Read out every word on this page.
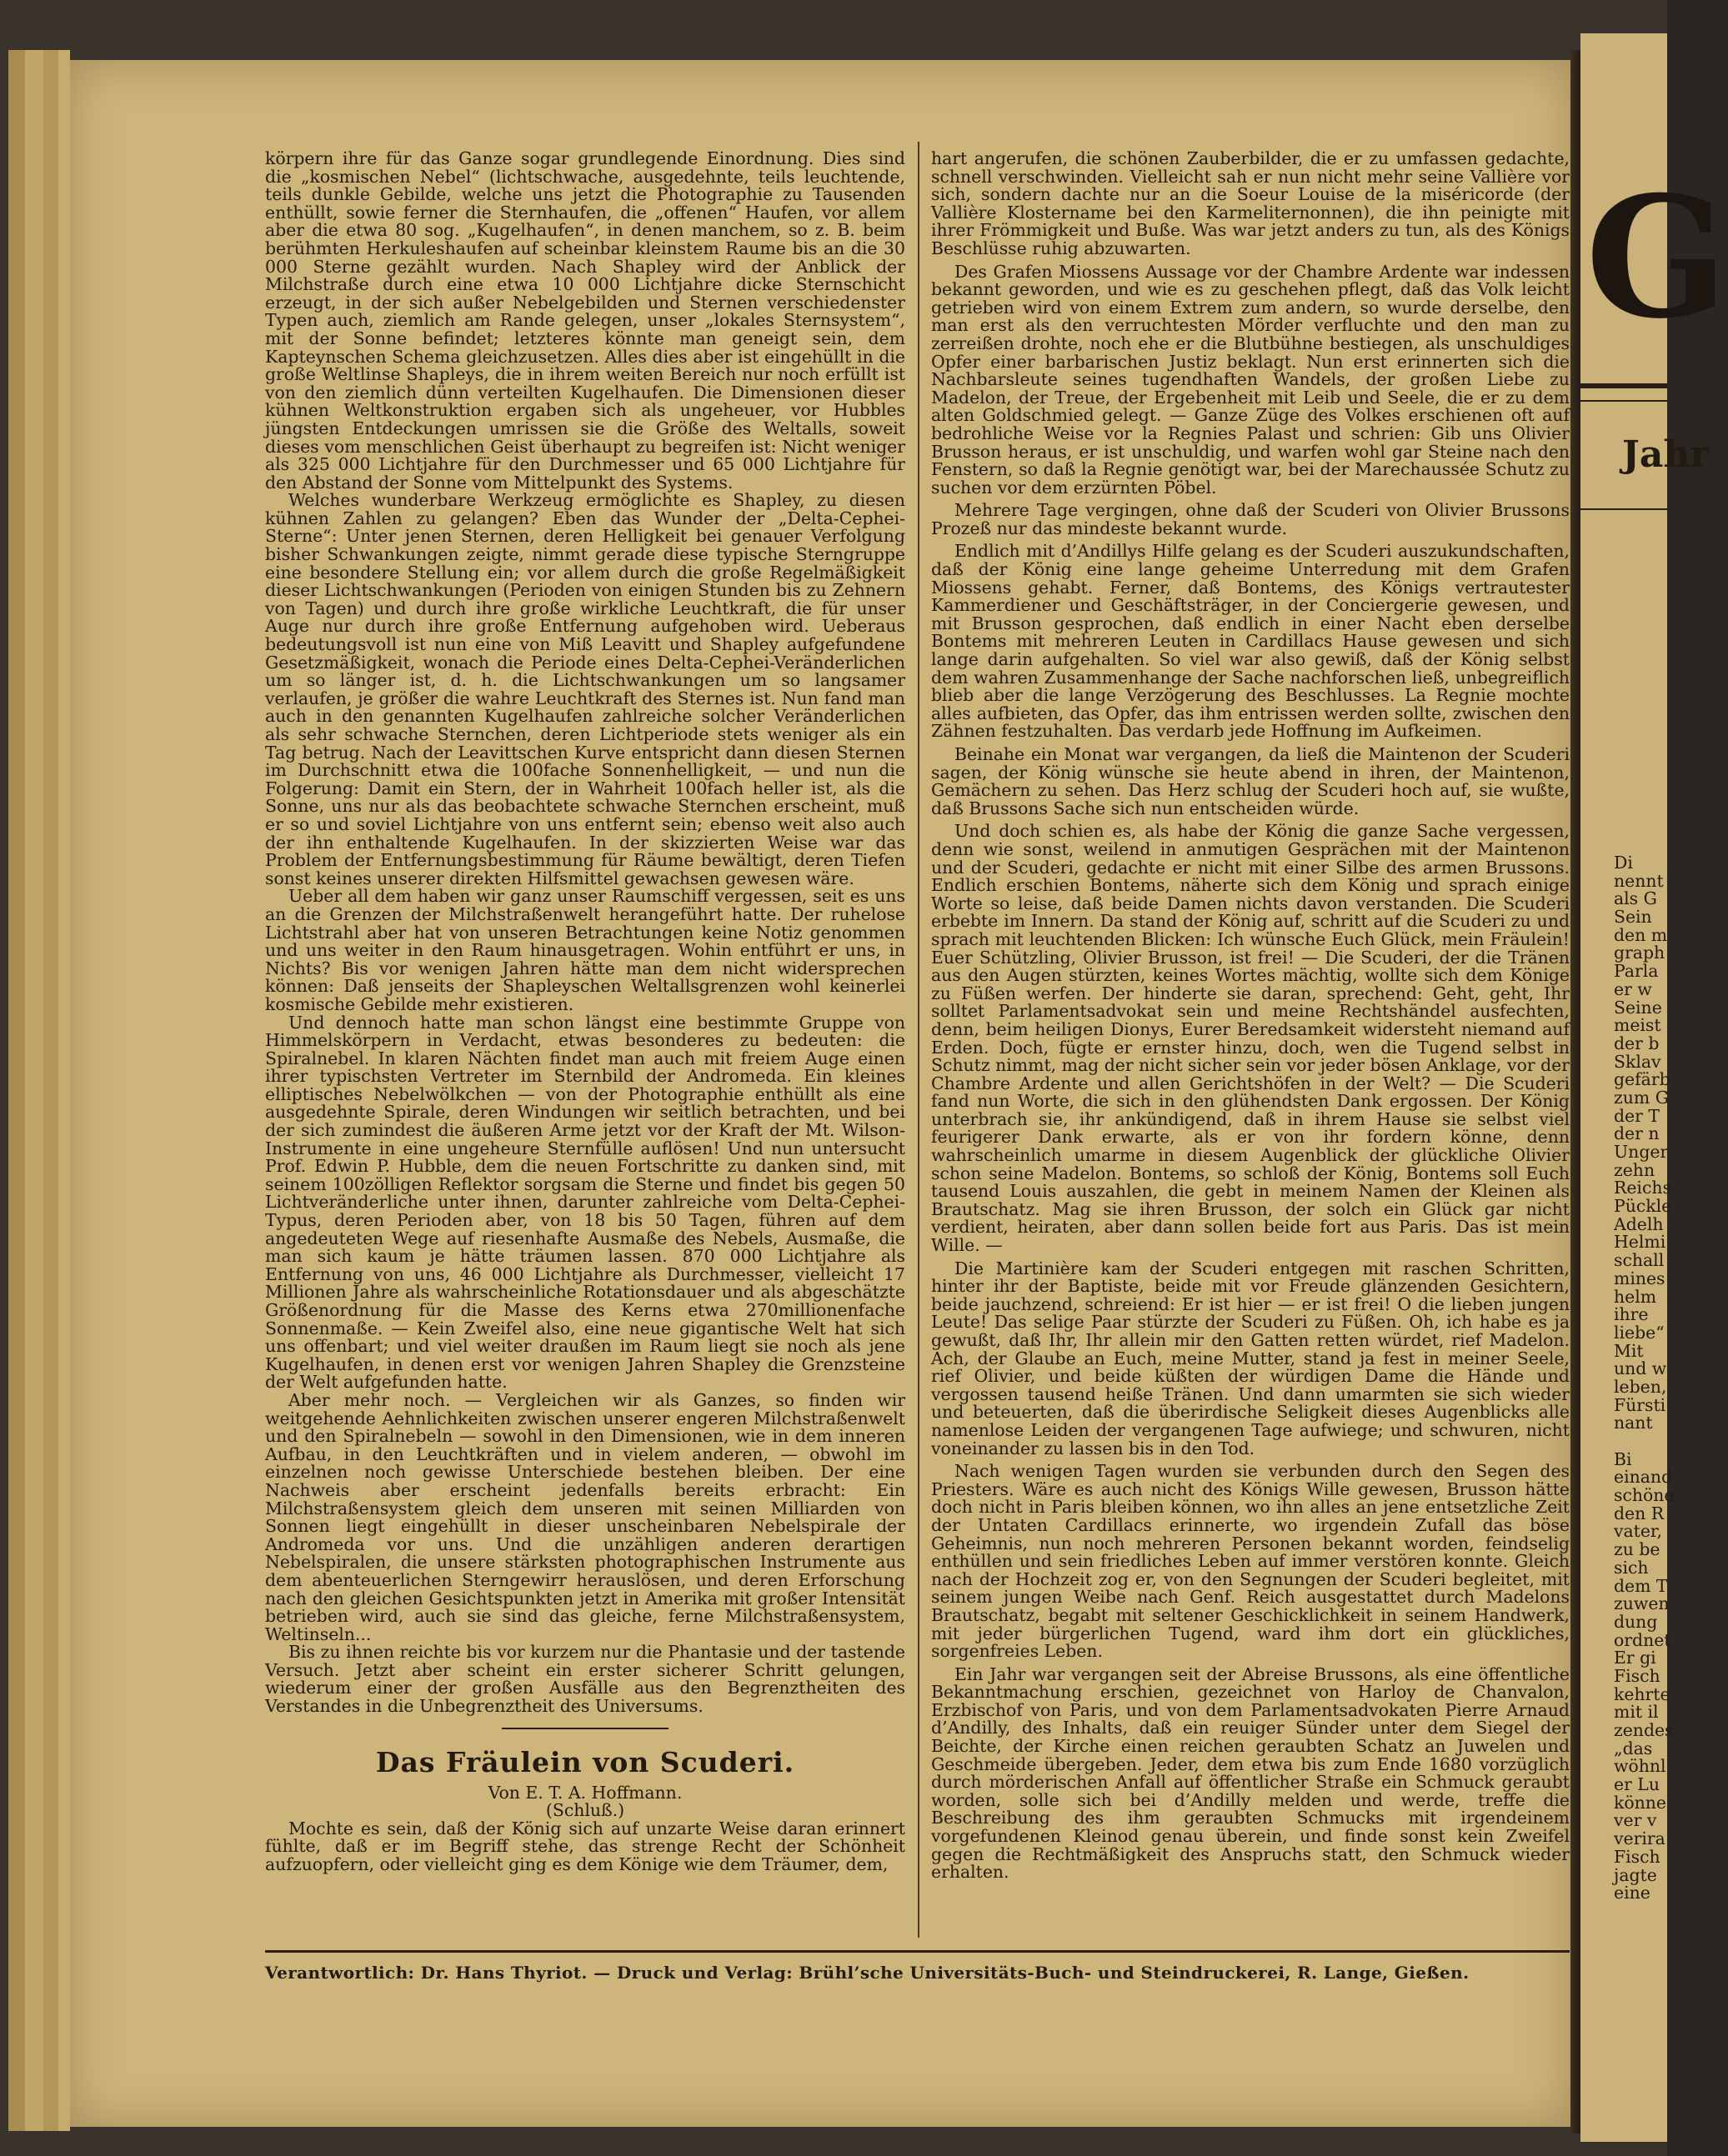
körpern ihre für das Ganze sogar grundlegende Einordnung. Dies sind die „kosmischen Nebel“ (lichtschwache, ausgedehnte, teils leuchtende, teils dunkle Gebilde, welche uns jetzt die Photographie zu Tausenden enthüllt, sowie ferner die Sternhaufen, die „offenen“ Haufen, vor allem aber die etwa 80 sog. „Kugelhaufen“, in denen manchem, so z. B. beim berühmten Herkuleshaufen auf scheinbar kleinstem Raume bis an die 30 000 Sterne gezählt wurden. Nach Shapley wird der Anblick der Milchstraße durch eine etwa 10 000 Lichtjahre dicke Sternschicht erzeugt, in der sich außer Nebelgebilden und Sternen verschiedenster Typen auch, ziemlich am Rande gelegen, unser „lokales Sternsystem“, mit der Sonne befindet; letzteres könnte man geneigt sein, dem Kapteynschen Schema gleichzusetzen. Alles dies aber ist eingehüllt in die große Weltlinse Shapleys, die in ihrem weiten Bereich nur noch erfüllt ist von den ziemlich dünn verteilten Kugelhaufen. Die Dimensionen dieser kühnen Weltkonstruktion ergaben sich als ungeheuer, vor Hubbles jüngsten Entdeckungen umrissen sie die Größe des Weltalls, soweit dieses vom menschlichen Geist überhaupt zu begreifen ist: Nicht weniger als 325 000 Lichtjahre für den Durchmesser und 65 000 Lichtjahre für den Abstand der Sonne vom Mittelpunkt des Systems.

Welches wunderbare Werkzeug ermöglichte es Shapley, zu diesen kühnen Zahlen zu gelangen? Eben das Wunder der „Delta-Cephei-Sterne“: Unter jenen Sternen, deren Helligkeit bei genauer Verfolgung bisher Schwankungen zeigte, nimmt gerade diese typische Sterngruppe eine besondere Stellung ein; vor allem durch die große Regelmäßigkeit dieser Lichtschwankungen (Perioden von einigen Stunden bis zu Zehnern von Tagen) und durch ihre große wirkliche Leuchtkraft, die für unser Auge nur durch ihre große Entfernung aufgehoben wird. Ueberaus bedeutungsvoll ist nun eine von Miß Leavitt und Shapley aufgefundene Gesetzmäßigkeit, wonach die Periode eines Delta-Cephei-Veränderlichen um so länger ist, d. h. die Lichtschwankungen um so langsamer verlaufen, je größer die wahre Leuchtkraft des Sternes ist. Nun fand man auch in den genannten Kugelhaufen zahlreiche solcher Veränderlichen als sehr schwache Sternchen, deren Lichtperiode stets weniger als ein Tag betrug. Nach der Leavittschen Kurve entspricht dann diesen Sternen im Durchschnitt etwa die 100fache Sonnenhelligkeit, — und nun die Folgerung: Damit ein Stern, der in Wahrheit 100fach heller ist, als die Sonne, uns nur als das beobachtete schwache Sternchen erscheint, muß er so und soviel Lichtjahre von uns entfernt sein; ebenso weit also auch der ihn enthaltende Kugelhaufen. In der skizzierten Weise war das Problem der Entfernungsbestimmung für Räume bewältigt, deren Tiefen sonst keines unserer direkten Hilfsmittel gewachsen gewesen wäre.

Ueber all dem haben wir ganz unser Raumschiff vergessen, seit es uns an die Grenzen der Milchstraßenwelt herangeführt hatte. Der ruhelose Lichtstrahl aber hat von unseren Betrachtungen keine Notiz genommen und uns weiter in den Raum hinausgetragen. Wohin entführt er uns, in Nichts? Bis vor wenigen Jahren hätte man dem nicht widersprechen können: Daß jenseits der Shapleyschen Weltallsgrenzen wohl keinerlei kosmische Gebilde mehr existieren.

Und dennoch hatte man schon längst eine bestimmte Gruppe von Himmelskörpern in Verdacht, etwas besonderes zu bedeuten: die Spiralnebel. In klaren Nächten findet man auch mit freiem Auge einen ihrer typischsten Vertreter im Sternbild der Andromeda. Ein kleines elliptisches Nebelwölkchen — von der Photographie enthüllt als eine ausgedehnte Spirale, deren Windungen wir seitlich betrachten, und bei der sich zumindest die äußeren Arme jetzt vor der Kraft der Mt. Wilson-Instrumente in eine ungeheure Sternfülle auflösen! Und nun untersucht Prof. Edwin P. Hubble, dem die neuen Fortschritte zu danken sind, mit seinem 100zölligen Reflektor sorgsam die Sterne und findet bis gegen 50 Lichtveränderliche unter ihnen, darunter zahlreiche vom Delta-Cephei-Typus, deren Perioden aber, von 18 bis 50 Tagen, führen auf dem angedeuteten Wege auf riesenhafte Ausmaße des Nebels, Ausmaße, die man sich kaum je hätte träumen lassen. 870 000 Lichtjahre als Entfernung von uns, 46 000 Lichtjahre als Durchmesser, vielleicht 17 Millionen Jahre als wahrscheinliche Rotationsdauer und als abgeschätzte Größenordnung für die Masse des Kerns etwa 270millionenfache Sonnenmaße. — Kein Zweifel also, eine neue gigantische Welt hat sich uns offenbart; und viel weiter draußen im Raum liegt sie noch als jene Kugelhaufen, in denen erst vor wenigen Jahren Shapley die Grenzsteine der Welt aufgefunden hatte.

Aber mehr noch. — Vergleichen wir als Ganzes, so finden wir weitgehende Aehnlichkeiten zwischen unserer engeren Milchstraßenwelt und den Spiralnebeln — sowohl in den Dimensionen, wie in dem inneren Aufbau, in den Leuchtkräften und in vielem anderen, — obwohl im einzelnen noch gewisse Unterschiede bestehen bleiben. Der eine Nachweis aber erscheint jedenfalls bereits erbracht: Ein Milchstraßensystem gleich dem unseren mit seinen Milliarden von Sonnen liegt eingehüllt in dieser unscheinbaren Nebelspirale der Andromeda vor uns. Und die unzähligen anderen derartigen Nebelspiralen, die unsere stärksten photographischen Instrumente aus dem abenteuerlichen Sterngewirr herauslösen, und deren Erforschung nach den gleichen Gesichtspunkten jetzt in Amerika mit großer Intensität betrieben wird, auch sie sind das gleiche, ferne Milchstraßensystem, Weltinseln...

Bis zu ihnen reichte bis vor kurzem nur die Phantasie und der tastende Versuch. Jetzt aber scheint ein erster sicherer Schritt gelungen, wiederum einer der großen Ausfälle aus den Begrenztheiten des Verstandes in die Unbegrenztheit des Universums.

Das Fräulein von Scuderi.

Von E. T. A. Hoffmann.

(Schluß.)

Mochte es sein, daß der König sich auf unzarte Weise daran erinnert fühlte, daß er im Begriff stehe, das strenge Recht der Schönheit aufzuopfern, oder vielleicht ging es dem Könige wie dem Träumer, dem,

hart angerufen, die schönen Zauberbilder, die er zu umfassen gedachte, schnell verschwinden. Vielleicht sah er nun nicht mehr seine Vallière vor sich, sondern dachte nur an die Soeur Louise de la miséricorde (der Vallière Klostername bei den Karmeliternonnen), die ihn peinigte mit ihrer Frömmigkeit und Buße. Was war jetzt anders zu tun, als des Königs Beschlüsse ruhig abzuwarten.

Des Grafen Miossens Aussage vor der Chambre Ardente war indessen bekannt geworden, und wie es zu geschehen pflegt, daß das Volk leicht getrieben wird von einem Extrem zum andern, so wurde derselbe, den man erst als den verruchtesten Mörder verfluchte und den man zu zerreißen drohte, noch ehe er die Blutbühne bestiegen, als unschuldiges Opfer einer barbarischen Justiz beklagt. Nun erst erinnerten sich die Nachbarsleute seines tugendhaften Wandels, der großen Liebe zu Madelon, der Treue, der Ergebenheit mit Leib und Seele, die er zu dem alten Goldschmied gelegt. — Ganze Züge des Volkes erschienen oft auf bedrohliche Weise vor la Regnies Palast und schrien: Gib uns Olivier Brusson heraus, er ist unschuldig, und warfen wohl gar Steine nach den Fenstern, so daß la Regnie genötigt war, bei der Marechaussée Schutz zu suchen vor dem erzürnten Pöbel.

Mehrere Tage vergingen, ohne daß der Scuderi von Olivier Brussons Prozeß nur das mindeste bekannt wurde.

Endlich mit d’Andillys Hilfe gelang es der Scuderi auszukundschaften, daß der König eine lange geheime Unterredung mit dem Grafen Miossens gehabt. Ferner, daß Bontems, des Königs vertrautester Kammerdiener und Geschäftsträger, in der Conciergerie gewesen, und mit Brusson gesprochen, daß endlich in einer Nacht eben derselbe Bontems mit mehreren Leuten in Cardillacs Hause gewesen und sich lange darin aufgehalten. So viel war also gewiß, daß der König selbst dem wahren Zusammenhange der Sache nachforschen ließ, unbegreiflich blieb aber die lange Verzögerung des Beschlusses. La Regnie mochte alles aufbieten, das Opfer, das ihm entrissen werden sollte, zwischen den Zähnen festzuhalten. Das verdarb jede Hoffnung im Aufkeimen.

Beinahe ein Monat war vergangen, da ließ die Maintenon der Scuderi sagen, der König wünsche sie heute abend in ihren, der Maintenon, Gemächern zu sehen. Das Herz schlug der Scuderi hoch auf, sie wußte, daß Brussons Sache sich nun entscheiden würde.

Und doch schien es, als habe der König die ganze Sache vergessen, denn wie sonst, weilend in anmutigen Gesprächen mit der Maintenon und der Scuderi, gedachte er nicht mit einer Silbe des armen Brussons. Endlich erschien Bontems, näherte sich dem König und sprach einige Worte so leise, daß beide Damen nichts davon verstanden. Die Scuderi erbebte im Innern. Da stand der König auf, schritt auf die Scuderi zu und sprach mit leuchtenden Blicken: Ich wünsche Euch Glück, mein Fräulein! Euer Schützling, Olivier Brusson, ist frei! — Die Scuderi, der die Tränen aus den Augen stürzten, keines Wortes mächtig, wollte sich dem Könige zu Füßen werfen. Der hinderte sie daran, sprechend: Geht, geht, Ihr solltet Parlamentsadvokat sein und meine Rechtshändel ausfechten, denn, beim heiligen Dionys, Eurer Beredsamkeit widersteht niemand auf Erden. Doch, fügte er ernster hinzu, doch, wen die Tugend selbst in Schutz nimmt, mag der nicht sicher sein vor jeder bösen Anklage, vor der Chambre Ardente und allen Gerichtshöfen in der Welt? — Die Scuderi fand nun Worte, die sich in den glühendsten Dank ergossen. Der König unterbrach sie, ihr ankündigend, daß in ihrem Hause sie selbst viel feurigerer Dank erwarte, als er von ihr fordern könne, denn wahrscheinlich umarme in diesem Augenblick der glückliche Olivier schon seine Madelon. Bontems, so schloß der König, Bontems soll Euch tausend Louis auszahlen, die gebt in meinem Namen der Kleinen als Brautschatz. Mag sie ihren Brusson, der solch ein Glück gar nicht verdient, heiraten, aber dann sollen beide fort aus Paris. Das ist mein Wille. —

Die Martinière kam der Scuderi entgegen mit raschen Schritten, hinter ihr der Baptiste, beide mit vor Freude glänzenden Gesichtern, beide jauchzend, schreiend: Er ist hier — er ist frei! O die lieben jungen Leute! Das selige Paar stürzte der Scuderi zu Füßen. Oh, ich habe es ja gewußt, daß Ihr, Ihr allein mir den Gatten retten würdet, rief Madelon. Ach, der Glaube an Euch, meine Mutter, stand ja fest in meiner Seele, rief Olivier, und beide küßten der würdigen Dame die Hände und vergossen tausend heiße Tränen. Und dann umarmten sie sich wieder und beteuerten, daß die überirdische Seligkeit dieses Augenblicks alle namenlose Leiden der vergangenen Tage aufwiege; und schwuren, nicht voneinander zu lassen bis in den Tod.

Nach wenigen Tagen wurden sie verbunden durch den Segen des Priesters. Wäre es auch nicht des Königs Wille gewesen, Brusson hätte doch nicht in Paris bleiben können, wo ihn alles an jene entsetzliche Zeit der Untaten Cardillacs erinnerte, wo irgendein Zufall das böse Geheimnis, nun noch mehreren Personen bekannt worden, feindselig enthüllen und sein friedliches Leben auf immer verstören konnte. Gleich nach der Hochzeit zog er, von den Segnungen der Scuderi begleitet, mit seinem jungen Weibe nach Genf. Reich ausgestattet durch Madelons Brautschatz, begabt mit seltener Geschicklichkeit in seinem Handwerk, mit jeder bürgerlichen Tugend, ward ihm dort ein glückliches, sorgenfreies Leben.

Ein Jahr war vergangen seit der Abreise Brussons, als eine öffentliche Bekanntmachung erschien, gezeichnet von Harloy de Chanvalon, Erzbischof von Paris, und von dem Parlamentsadvokaten Pierre Arnaud d’Andilly, des Inhalts, daß ein reuiger Sünder unter dem Siegel der Beichte, der Kirche einen reichen geraubten Schatz an Juwelen und Geschmeide übergeben. Jeder, dem etwa bis zum Ende 1680 vorzüglich durch mörderischen Anfall auf öffentlicher Straße ein Schmuck geraubt worden, solle sich bei d’Andilly melden und werde, treffe die Beschreibung des ihm geraubten Schmucks mit irgendeinem vorgefundenen Kleinod genau überein, und finde sonst kein Zweifel gegen die Rechtmäßigkeit des Anspruchs statt, den Schmuck wieder erhalten.

Verantwortlich: Dr. Hans Thyriot. — Druck und Verlag: Brühl’sche Universitäts-Buch- und Steindruckerei, R. Lange, Gießen.
G
Jahr
Di
nennt
als G
Sein
den m
graph
Parla
er w
Seine
meist
der b
Sklav
gefärb
zum G
der T
der n
Unger
zehn
Reichs
Pückle
Adelh
Helmi
schall
mines
helm
ihre
liebe“
Mit
und w
leben,
Fürsti
nant
Bi
einand
schöne
den R
vater,
zu be
sich
dem T
zuwen
dung
ordnet
Er gi
Fisch
kehrte
mit il
zendes
„das
wöhnl
er Lu
könne
ver v
verira
Fisch
jagte
eine
